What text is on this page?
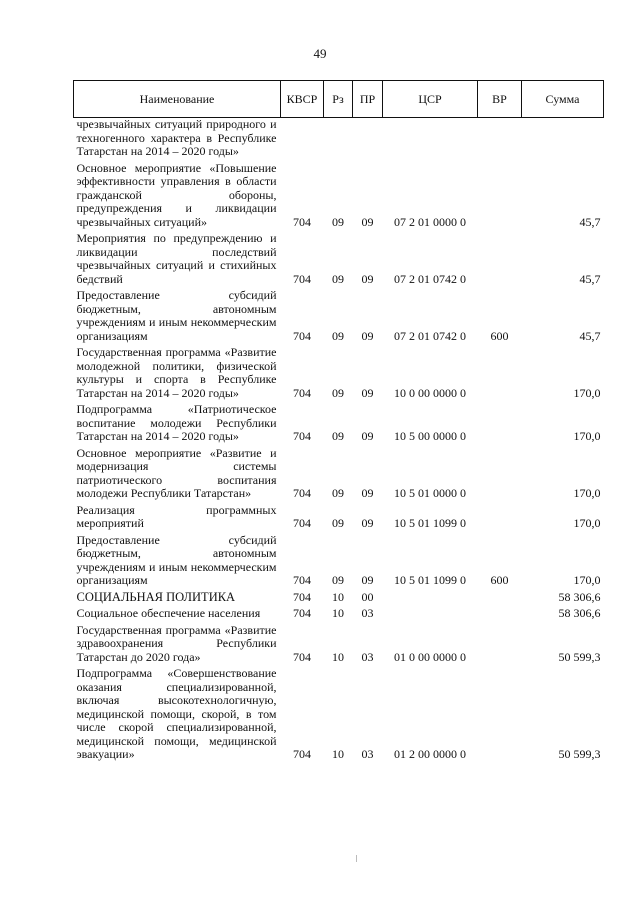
49
Наименование	КВСР	Рз	ПР	ЦСР	ВР	Сумма
чрезвычайных ситуаций природного и техногенного характера в Республике Татарстан на 2014 – 2020 годы»						
Основное мероприятие «Повышение эффективности управления в области гражданской обороны, предупреждения и ликвидации чрезвычайных ситуаций»	704	09	09	07 2 01 0000 0		45,7
Мероприятия по предупреждению и ликвидации последствий чрезвычайных ситуаций и стихийных бедствий	704	09	09	07 2 01 0742 0		45,7
Предоставление субсидий бюджетным, автономным учреждениям и иным некоммерческим организациям	704	09	09	07 2 01 0742 0	600	45,7
Государственная программа «Развитие молодежной политики, физической культуры и спорта в Республике Татарстан на 2014 – 2020 годы»	704	09	09	10 0 00 0000 0		170,0
Подпрограмма «Патриотическое воспитание молодежи Республики Татарстан на 2014 – 2020 годы»	704	09	09	10 5 00 0000 0		170,0
Основное мероприятие «Развитие и модернизация системы патриотического воспитания молодежи Республики Татарстан»	704	09	09	10 5 01 0000 0		170,0
Реализация программных мероприятий	704	09	09	10 5 01 1099 0		170,0
Предоставление субсидий бюджетным, автономным учреждениям и иным некоммерческим организациям	704	09	09	10 5 01 1099 0	600	170,0
СОЦИАЛЬНАЯ ПОЛИТИКА	704	10	00			58 306,6
Социальное обеспечение населения	704	10	03			58 306,6
Государственная программа «Развитие здравоохранения Республики Татарстан до 2020 года»	704	10	03	01 0 00 0000 0		50 599,3
Подпрограмма «Совершенствование оказания специализированной, включая высокотехнологичную, медицинской помощи, скорой, в том числе скорой специализированной, медицинской помощи, медицинской эвакуации»	704	10	03	01 2 00 0000 0		50 599,3
